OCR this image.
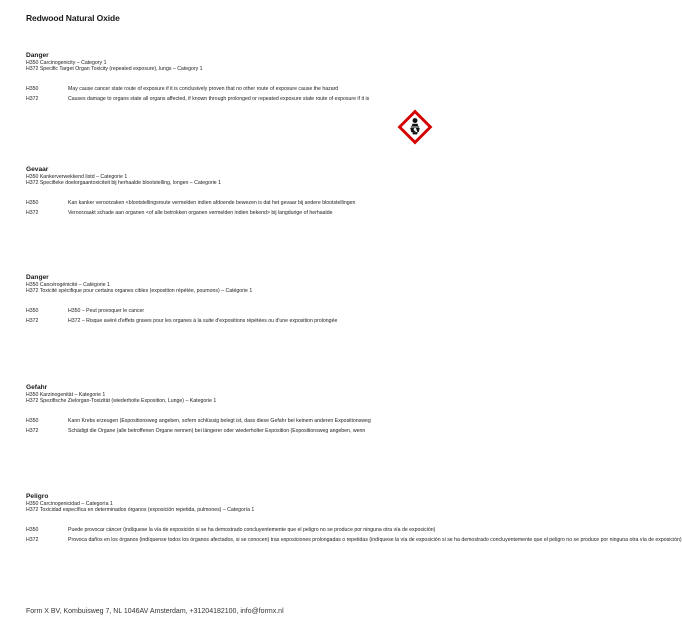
Redwood Natural Oxide
Danger
H350 Carcinogenicity – Category 1
H372 Specific Target Organ Toxicity (repeated exposure), lungs – Category 1
H350	May cause cancer state route of exposure if it is conclusively proven that no other route of exposure cause the hazard
H372	Causes damage to organs state all organs affected, if known through prolonged or repeated exposure state route of exposure if it is
Gevaar
H350 Kankerverwekkend listd – Categorie 1
H372 Specifieke doelorgaantoxiciteit bij herhaalde blootstelling, longen – Categorie 1
H350	Kan kanker veroorzaken <blootstellingsroute vermelden indien afdoende bewezen is dat het gevaar bij andere blootstellingen
H372	Veroorzaakt schade aan organen <of alle betrokken organen vermelden indien bekend> bij langdurige of herhaalde
Danger
H350 Cancérogénicité – Catégorie 1
H372 Toxicité spécifique pour certains organes cibles (exposition répétée, poumons) – Catégorie 1
H350	H350 – Peut provoquer le cancer
H372	H372 – Risque avéré d'effets graves pour les organes à la suite d'expositions répétées ou d'une exposition prolongée
Gefahr
H350 Karzinogenität – Kategorie 1
H372 Spezifische Zielorgan-Toxizität (wiederholte Exposition, Lunge) – Kategorie 1
H350	Kann Krebs erzeugen (Expositionsweg angeben, sofern schlüssig belegt ist, dass diese Gefahr bei keinem anderen Expositionsweg
H372	Schädigt die Organe (alle betroffenen Organe nennen) bei längerer oder wiederholter Exposition (Expositionsweg angeben, wenn
Peligro
H350 Carcinogenicidad – Categoría 1
H372 Toxicidad específica en determinados órganos (exposición repetida, pulmones) – Categoría 1
H350	Puede provocar cáncer (indíquese la vía de exposición si se ha demostrado concluyentemente que el peligro no se produce por ninguna otra vía de exposición)
H372	Provoca daños en los órganos (indíquense todos los órganos afectados, si se conocen) tras exposiciones prolongadas o repetidas (indíquese la vía de exposición si se ha demostrado concluyentemente que el peligro no se produce por ninguna otra vía de exposición)
Form X BV, Kombuisweg 7, NL 1046AV Amsterdam, +31204182100, info@formx.nl
